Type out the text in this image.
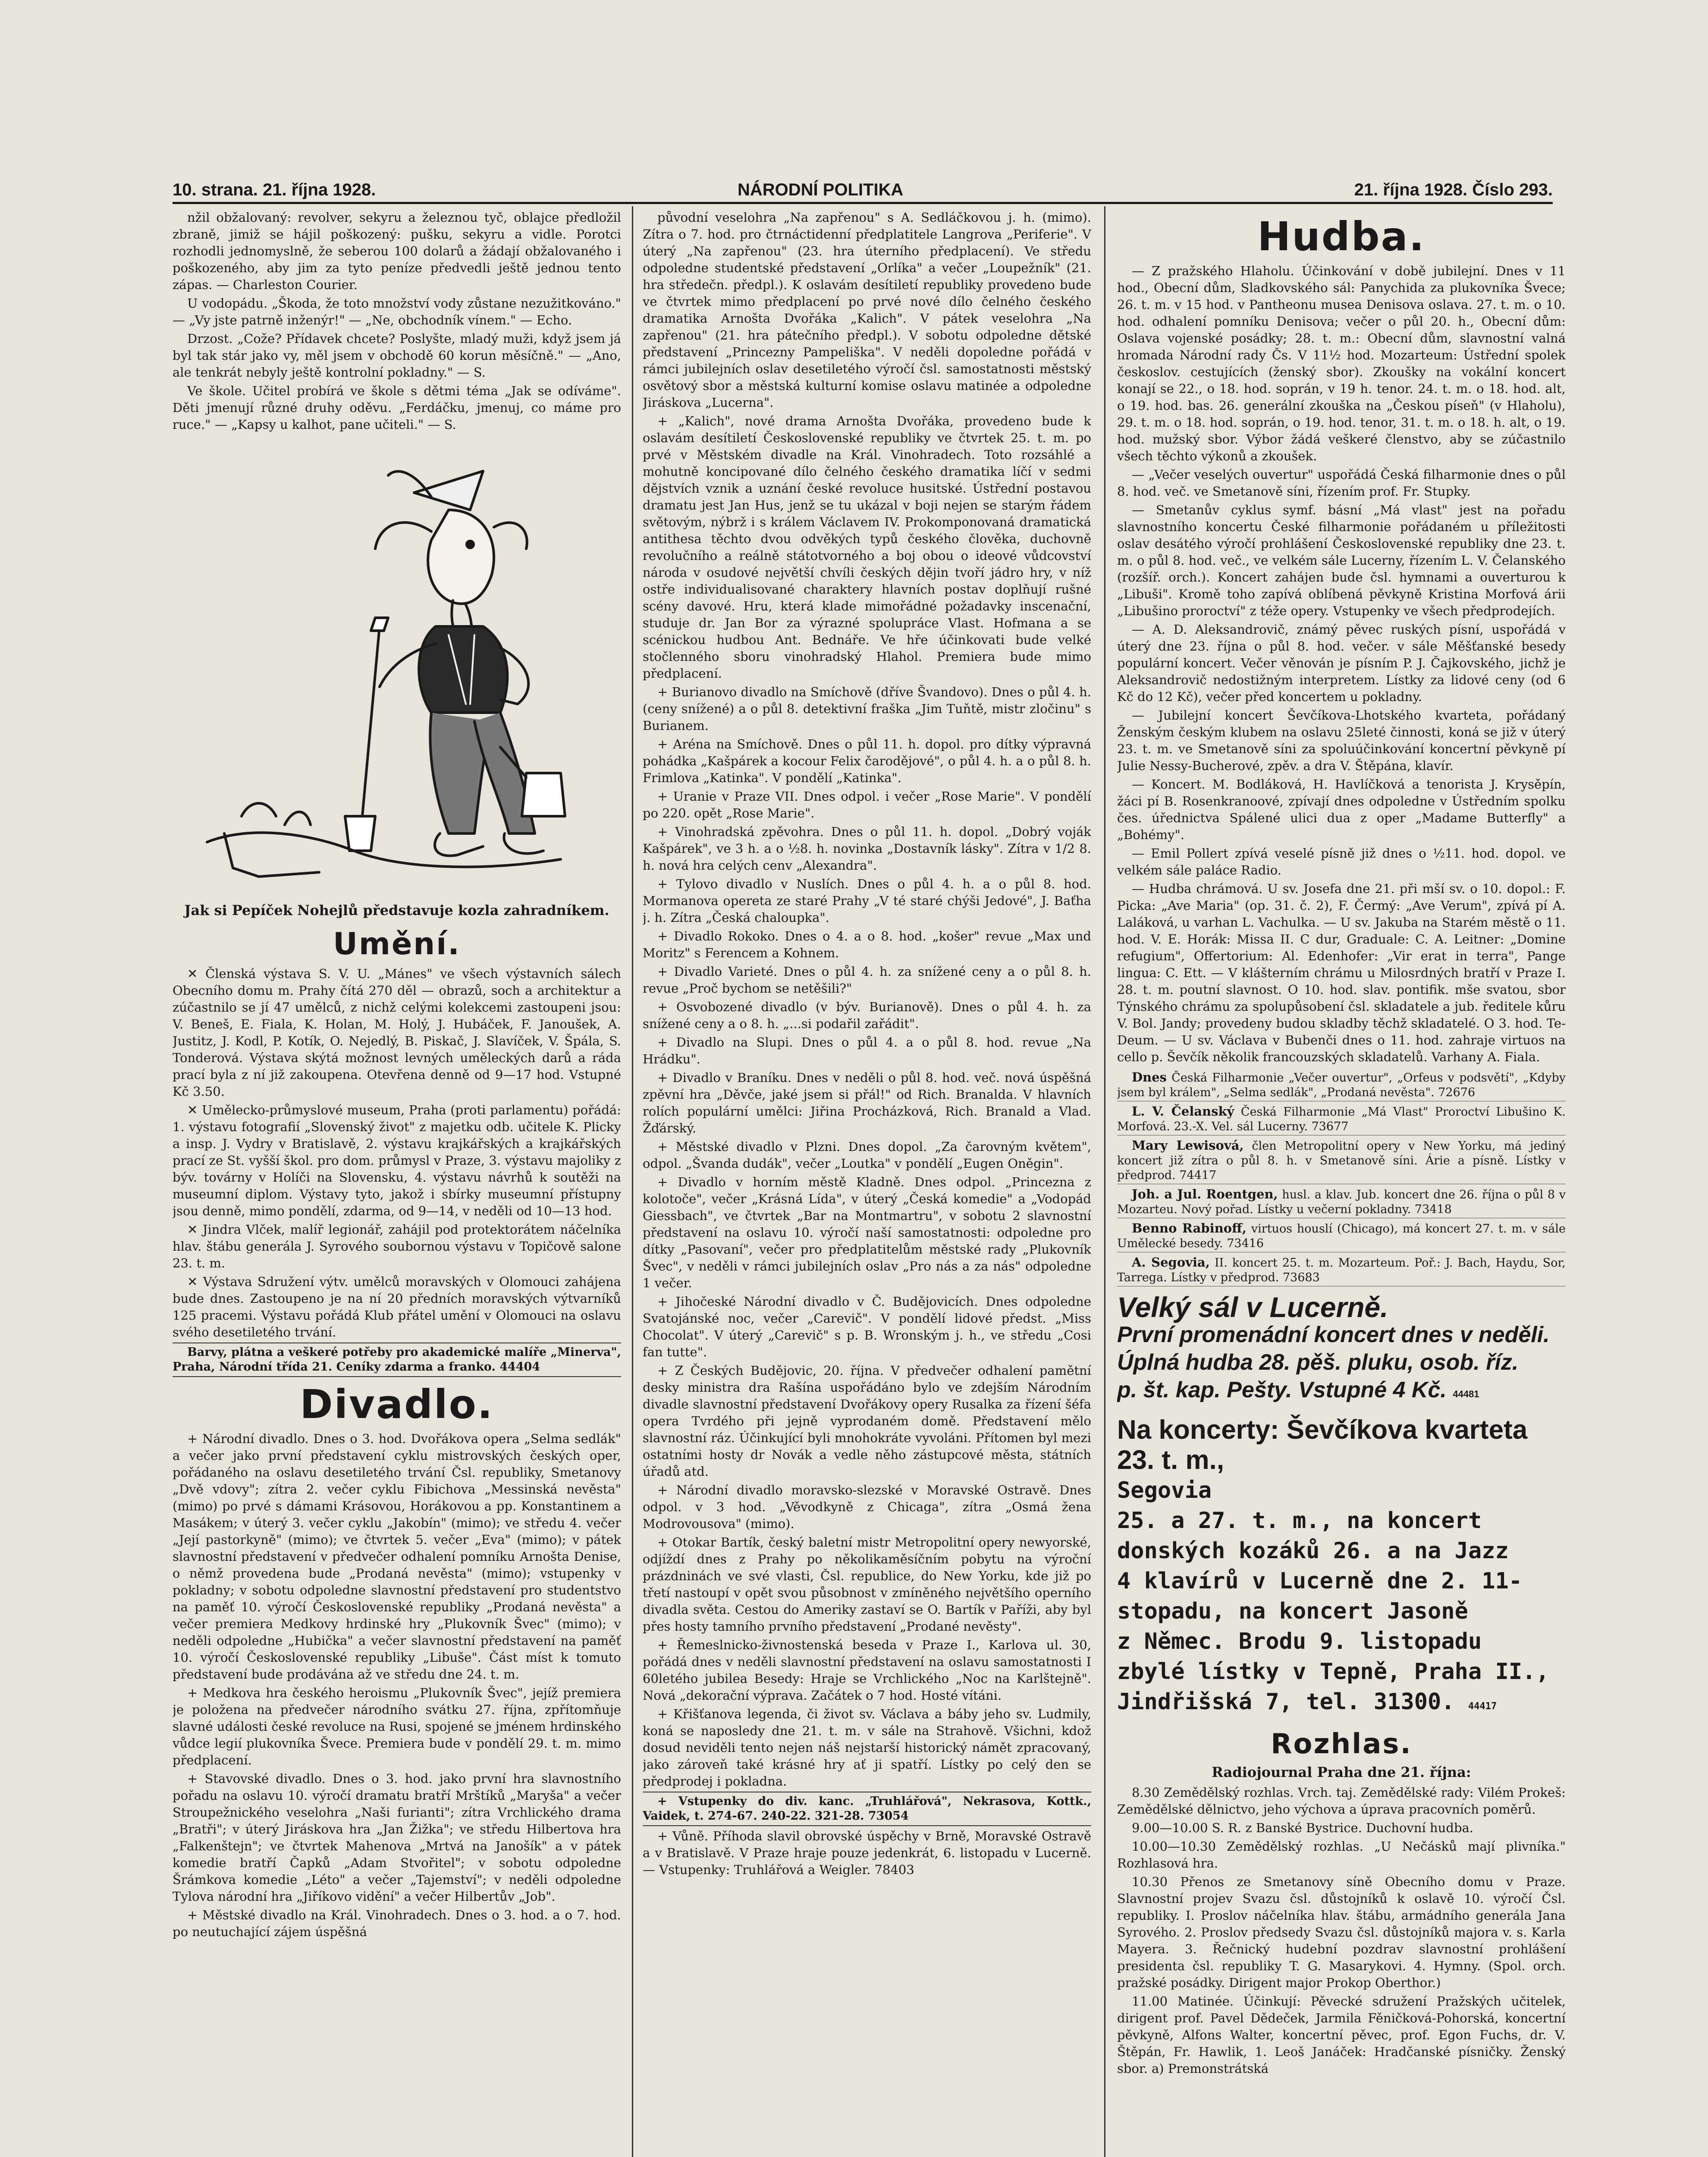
10. strana. 21. října 1928.	NÁRODNÍ POLITIKA	21. října 1928. Číslo 293.

nžil obžalovaný: revolver, sekyru a železnou tyč, oblajce předložil zbraně, jimiž se hájil poškozený: pušku, sekyru a vidle. Porotci rozhodli jednomyslně, že seberou 100 dolarů a žádají obžalovaného i poškozeného, aby jim za tyto peníze předvedli ještě jednou tento zápas. — Charleston Courier.

U vodopádu. „Škoda, že toto množství vody zůstane nezužitkováno." — „Vy jste patrně inženýr!" — „Ne, obchodník vínem." — Echo.

Drzost. „Cože? Přídavek chcete? Poslyšte, mladý muži, když jsem já byl tak stár jako vy, měl jsem v obchodě 60 korun měsíčně." — „Ano, ale tenkrát nebyly ještě kontrolní pokladny." — S.

Ve škole. Učitel probírá ve škole s dětmi téma „Jak se odíváme". Děti jmenují různé druhy oděvu. „Ferdáčku, jmenuj, co máme pro ruce." — „Kapsy u kalhot, pane učiteli." — S.

Jak si Pepíček Nohejlů představuje kozla zahradníkem.
Umění.

✕ Členská výstava S. V. U. „Mánes" ve všech výstavních sálech Obecního domu m. Prahy čítá 270 děl — obrazů, soch a architektur a zúčastnilo se jí 47 umělců, z nichž celými kolekcemi zastoupeni jsou: V. Beneš, E. Fiala, K. Holan, M. Holý, J. Hubáček, F. Janoušek, A. Justitz, J. Kodl, P. Kotík, O. Nejedlý, B. Piskač, J. Slavíček, V. Špála, S. Tonderová. Výstava skýtá možnost levných uměleckých darů a ráda prací byla z ní již zakoupena. Otevřena denně od 9—17 hod. Vstupné Kč 3.50.

✕ Umělecko-průmyslové museum, Praha (proti parlamentu) pořádá: 1. výstavu fotografií „Slovenský život" z majetku odb. učitele K. Plicky a insp. J. Vydry v Bratislavě, 2. výstavu krajkářských a krajkářských prací ze St. vyšší škol. pro dom. průmysl v Praze, 3. výstavu majoliky z býv. továrny v Holíči na Slovensku, 4. výstavu návrhů k soutěži na museumní diplom. Výstavy tyto, jakož i sbírky museumní přístupny jsou denně, mimo pondělí, zdarma, od 9—14, v neděli od 10—13 hod.

✕ Jindra Vlček, malíř legionář, zahájil pod protektorátem náčelníka hlav. štábu generála J. Syrového soubornou výstavu v Topičově salone 23. t. m.

✕ Výstava Sdružení výtv. umělců moravských v Olomouci zahájena bude dnes. Zastoupeno je na ní 20 předních moravských výtvarníků 125 pracemi. Výstavu pořádá Klub přátel umění v Olomouci na oslavu svého desetiletého trvání.

Barvy, plátna a veškeré potřeby pro akademické malíře „Minerva", Praha, Národní třída 21. Ceníky zdarma a franko. 44404

Divadlo.

+ Národní divadlo. Dnes o 3. hod. Dvořákova opera „Selma sedlák" a večer jako první představení cyklu mistrovských českých oper, pořádaného na oslavu desetiletého trvání Čsl. republiky, Smetanovy „Dvě vdovy"; zítra 2. večer cyklu Fibichova „Messinská nevěsta" (mimo) po prvé s dámami Krásovou, Horákovou a pp. Konstantinem a Masákem; v úterý 3. večer cyklu „Jakobín" (mimo); ve středu 4. večer „Její pastorkyně" (mimo); ve čtvrtek 5. večer „Eva" (mimo); v pátek slavnostní představení v předvečer odhalení pomníku Arnošta Denise, o němž provedena bude „Prodaná nevěsta" (mimo); vstupenky v pokladny; v sobotu odpoledne slavnostní představení pro studentstvo na paměť 10. výročí Československé republiky „Prodaná nevěsta" a večer premiera Medkovy hrdinské hry „Plukovník Švec" (mimo); v neděli odpoledne „Hubička" a večer slavnostní představení na paměť 10. výročí Československé republiky „Libuše". Část míst k tomuto představení bude prodávána až ve středu dne 24. t. m.

+ Medkova hra českého heroismu „Plukovník Švec", jejíž premiera je položena na předvečer národního svátku 27. října, zpřítomňuje slavné události české revoluce na Rusi, spojené se jménem hrdinského vůdce legií plukovníka Švece. Premiera bude v pondělí 29. t. m. mimo předplacení.

+ Stavovské divadlo. Dnes o 3. hod. jako první hra slavnostního pořadu na oslavu 10. výročí dramatu bratří Mrštíků „Maryša" a večer Stroupežnického veselohra „Naši furianti"; zítra Vrchlického drama „Bratři"; v úterý Jiráskova hra „Jan Žižka"; ve středu Hilbertova hra „Falkenštejn"; ve čtvrtek Mahenova „Mrtvá na Janošík" a v pátek komedie bratří Čapků „Adam Stvořitel"; v sobotu odpoledne Šrámkova komedie „Léto" a večer „Tajemství"; v neděli odpoledne Tylova národní hra „Jiříkovo vidění" a večer Hilbertův „Job".

+ Městské divadlo na Král. Vinohradech. Dnes o 3. hod. a o 7. hod. po neutuchající zájem úspěšná

původní veselohra „Na zapřenou" s A. Sedláčkovou j. h. (mimo). Zítra o 7. hod. pro čtrnáctidenní předplatitele Langrova „Periferie". V úterý „Na zapřenou" (23. hra úterního předplacení). Ve středu odpoledne studentské představení „Orlíka" a večer „Loupežník" (21. hra středečn. předpl.). K oslavám desítiletí republiky provedeno bude ve čtvrtek mimo předplacení po prvé nové dílo čelného českého dramatika Arnošta Dvořáka „Kalich". V pátek veselohra „Na zapřenou" (21. hra pátečního předpl.). V sobotu odpoledne dětské představení „Princezny Pampeliška". V neděli dopoledne pořádá v rámci jubilejních oslav desetiletého výročí čsl. samostatnosti městský osvětový sbor a městská kulturní komise oslavu matinée a odpoledne Jiráskova „Lucerna".

+ „Kalich", nové drama Arnošta Dvořáka, provedeno bude k oslavám desítiletí Československé republiky ve čtvrtek 25. t. m. po prvé v Městském divadle na Král. Vinohradech. Toto rozsáhlé a mohutně koncipované dílo čelného českého dramatika líčí v sedmi dějstvích vznik a uznání české revoluce husitské. Ústřední postavou dramatu jest Jan Hus, jenž se tu ukázal v boji nejen se starým řádem světovým, nýbrž i s králem Václavem IV. Prokomponovaná dramatická antithesa těchto dvou odvěkých typů českého člověka, duchovně revolučního a reálně státotvorného a boj obou o ideové vůdcovství národa v osudové největší chvíli českých dějin tvoří jádro hry, v níž ostře individualisované charaktery hlavních postav doplňují rušné scény davové. Hru, která klade mimořádné požadavky inscenační, studuje dr. Jan Bor za výrazné spolupráce Vlast. Hofmana a se scénickou hudbou Ant. Bednáře. Ve hře účinkovati bude velké stočlenného sboru vinohradský Hlahol. Premiera bude mimo předplacení.

+ Burianovo divadlo na Smíchově (dříve Švandovo). Dnes o půl 4. h. (ceny snížené) a o půl 8. detektivní fraška „Jim Tuňtě, mistr zločinu" s Burianem.

+ Aréna na Smíchově. Dnes o půl 11. h. dopol. pro dítky výpravná pohádka „Kašpárek a kocour Felix čarodějové", o půl 4. h. a o půl 8. h. Frimlova „Katinka". V pondělí „Katinka".

+ Uranie v Praze VII. Dnes odpol. i večer „Rose Marie". V pondělí po 220. opět „Rose Marie".

+ Vinohradská zpěvohra. Dnes o půl 11. h. dopol. „Dobrý voják Kašpárek", ve 3 h. a o ½8. h. novinka „Dostavník lásky". Zítra v 1/2 8. h. nová hra celých cenv „Alexandra".

+ Tylovo divadlo v Nuslích. Dnes o půl 4. h. a o půl 8. hod. Mormanova opereta ze staré Prahy „V té staré chýši Jedové", J. Baťha j. h. Zítra „Česká chaloupka".

+ Divadlo Rokoko. Dnes o 4. a o 8. hod. „košer" revue „Max und Moritz" s Ferencem a Kohnem.

+ Divadlo Varieté. Dnes o půl 4. h. za snížené ceny a o půl 8. h. revue „Proč bychom se netěšili?"

+ Osvobozené divadlo (v býv. Burianově). Dnes o půl 4. h. za snížené ceny a o 8. h. „...si podařil zařádit".

+ Divadlo na Slupi. Dnes o půl 4. a o půl 8. hod. revue „Na Hrádku".

+ Divadlo v Braníku. Dnes v neděli o půl 8. hod. več. nová úspěšná zpěvní hra „Děvče, jaké jsem si přál!" od Rich. Branalda. V hlavních rolích populární umělci: Jiřina Procházková, Rich. Branald a Vlad. Žďárský.

+ Městské divadlo v Plzni. Dnes dopol. „Za čarovným květem", odpol. „Švanda dudák", večer „Loutka" v pondělí „Eugen Oněgin".

+ Divadlo v horním městě Kladně. Dnes odpol. „Princezna z kolotoče", večer „Krásná Lída", v úterý „Česká komedie" a „Vodopád Giessbach", ve čtvrtek „Bar na Montmartru", v sobotu 2 slavnostní představení na oslavu 10. výročí naší samostatnosti: odpoledne pro dítky „Pasovaní", večer pro předplatitelům městské rady „Plukovník Švec", v neděli v rámci jubilejních oslav „Pro nás a za nás" odpoledne 1 večer.

+ Jihočeské Národní divadlo v Č. Budějovicích. Dnes odpoledne Svatojánské noc, večer „Carevič". V pondělí lidové předst. „Miss Chocolat". V úterý „Carevič" s p. B. Wronským j. h., ve středu „Cosi fan tutte".

+ Z Českých Budějovic, 20. října. V předvečer odhalení pamětní desky ministra dra Rašína uspořádáno bylo ve zdejším Národním divadle slavnostní představení Dvořákovy opery Rusalka za řízení šéfa opera Tvrdého při jejně vyprodaném domě. Představení mělo slavnostní ráz. Účinkující byli mnohokráte vyvoláni. Přítomen byl mezi ostatními hosty dr Novák a vedle něho zástupcové města, státních úřadů atd.

+ Národní divadlo moravsko-slezské v Moravské Ostravě. Dnes odpol. v 3 hod. „Věvodkyně z Chicaga", zítra „Osmá žena Modrovousova" (mimo).

+ Otokar Bartík, český baletní mistr Metropolitní opery newyorské, odjíždí dnes z Prahy po několikaměsíčním pobytu na výroční prázdninách ve své vlasti, Čsl. republice, do New Yorku, kde již po třetí nastoupí v opět svou působnost v zmíněného největšího operního divadla světa. Cestou do Ameriky zastaví se O. Bartík v Paříži, aby byl přes hosty tamního prvního představení „Prodané nevěsty".

+ Řemeslnicko-živnostenská beseda v Praze I., Karlova ul. 30, pořádá dnes v neděli slavnostní představení na oslavu samostatnosti I 60letého jubilea Besedy: Hraje se Vrchlického „Noc na Karlštejně". Nová „dekorační výprava. Začátek o 7 hod. Hosté vítáni.

+ Křišťanova legenda, či život sv. Václava a báby jeho sv. Ludmily, koná se naposledy dne 21. t. m. v sále na Strahově. Všichni, kdož dosud neviděli tento nejen náš nejstarší historický námět zpracovaný, jako zároveň také krásné hry ať ji spatří. Lístky po celý den se předprodej i pokladna.

+ Vstupenky do div. kanc. „Truhlářová", Nekrasova, Kottk., Vaidek, t. 274-67. 240-22. 321-28. 73054

+ Vůně. Příhoda slavil obrovské úspěchy v Brně, Moravské Ostravě a v Bratislavě. V Praze hraje pouze jedenkrát, 6. listopadu v Lucerně. — Vstupenky: Truhlářová a Weigler. 78403

Hudba.

— Z pražského Hlaholu. Účinkování v době jubilejní. Dnes v 11 hod., Obecní dům, Sladkovského sál: Panychida za plukovníka Švece; 26. t. m. v 15 hod. v Pantheonu musea Denisova oslava. 27. t. m. o 10. hod. odhalení pomníku Denisova; večer o půl 20. h., Obecní dům: Oslava vojenské posádky; 28. t. m.: Obecní dům, slavnostní valná hromada Národní rady Čs. V 11½ hod. Mozarteum: Ústřední spolek českoslov. cestujících (ženský sbor). Zkoušky na vokální koncert konají se 22., o 18. hod. soprán, v 19 h. tenor. 24. t. m. o 18. hod. alt, o 19. hod. bas. 26. generální zkouška na „Českou píseň" (v Hlaholu), 29. t. m. o 18. hod. soprán, o 19. hod. tenor, 31. t. m. o 18. h. alt, o 19. hod. mužský sbor. Výbor žádá veškeré členstvo, aby se zúčastnilo všech těchto výkonů a zkoušek.

— „Večer veselých ouvertur" uspořádá Česká filharmonie dnes o půl 8. hod. več. ve Smetanově síni, řízením prof. Fr. Stupky.

— Smetanův cyklus symf. básní „Má vlast" jest na pořadu slavnostního koncertu České filharmonie pořádaném u příležitosti oslav desátého výročí prohlášení Československé republiky dne 23. t. m. o půl 8. hod. več., ve velkém sále Lucerny, řízením L. V. Čelanského (rozšíř. orch.). Koncert zahájen bude čsl. hymnami a ouverturou k „Libuši". Kromě toho zapívá oblíbená pěvkyně Kristina Morfová árii „Libušino proroctví" z téže opery. Vstupenky ve všech předprodejích.

— A. D. Aleksandrovič, známý pěvec ruských písní, uspořádá v úterý dne 23. října o půl 8. hod. večer. v sále Měšťanské besedy populární koncert. Večer věnován je písním P. J. Čajkovského, jichž je Aleksandrovič nedostižným interpretem. Lístky za lidové ceny (od 6 Kč do 12 Kč), večer před koncertem u pokladny.

— Jubilejní koncert Ševčíkova-Lhotského kvarteta, pořádaný Ženským českým klubem na oslavu 25leté činnosti, koná se již v úterý 23. t. m. ve Smetanově síni za spoluúčinkování koncertní pěvkyně pí Julie Nessy-Bucherové, zpěv. a dra V. Štěpána, klavír.

— Koncert. M. Bodláková, H. Havlíčková a tenorista J. Krysěpín, žáci pí B. Rosenkranoové, zpívají dnes odpoledne v Ústředním spolku čes. úřednictva Spálené ulici dua z oper „Madame Butterfly" a „Bohémy".

— Emil Pollert zpívá veselé písně již dnes o ½11. hod. dopol. ve velkém sále paláce Radio.

— Hudba chrámová. U sv. Josefa dne 21. při mší sv. o 10. dopol.: F. Picka: „Ave Maria" (op. 31. č. 2), F. Čermý: „Ave Verum", zpívá pí A. Laláková, u varhan L. Vachulka. — U sv. Jakuba na Starém městě o 11. hod. V. E. Horák: Missa II. C dur, Graduale: C. A. Leitner: „Domine refugium", Offertorium: Al. Edenhofer: „Vir erat in terra", Pange lingua: C. Ett. — V klášterním chrámu u Milosrdných bratří v Praze I. 28. t. m. poutní slavnost. O 10. hod. slav. pontifik. mše svatou, sbor Týnského chrámu za spolupůsobení čsl. skladatele a jub. ředitele kůru V. Bol. Jandy; provedeny budou skladby těchž skladatelé. O 3. hod. Te-Deum. — U sv. Václava v Bubenči dnes o 11. hod. zahraje virtuos na cello p. Ševčík několik francouzských skladatelů. Varhany A. Fiala.

Dnes Česká Filharmonie „Večer ouvertur", „Orfeus v podsvětí", „Kdyby jsem byl králem", „Selma sedlák", „Prodaná nevěsta". 72676

L. V. Čelanský Česká Filharmonie „Má Vlast" Proroctví Libušino K. Morfová. 23.-X. Vel. sál Lucerny. 73677

Mary Lewisová, člen Metropolitní opery v New Yorku, má jediný koncert již zítra o půl 8. h. v Smetanově síni. Árie a písně. Lístky v předprod. 74417

Joh. a Jul. Roentgen, husl. a klav. Jub. koncert dne 26. října o půl 8 v Mozarteu. Nový pořad. Lístky u večerní pokladny. 73418

Benno Rabinoff, virtuos houslí (Chicago), má koncert 27. t. m. v sále Umělecké besedy. 73416

A. Segovia, II. koncert 25. t. m. Mozarteum. Poř.: J. Bach, Haydu, Sor, Tarrega. Lístky v předprod. 73683

Velký sál v Lucerně.
První promenádní koncert dnes v neděli.
Úplná hudba 28. pěš. pluku, osob. říz.
p. št. kap. Pešty. Vstupné 4 Kč. 44481
Na koncerty: Ševčíkova kvarteta 23. t. m.,
Segovia
25. a 27. t. m., na koncert
donských kozáků 26. a na Jazz
4 klavírů v Lucerně dne 2. 11-
stopadu, na koncert Jasoně
z Němec. Brodu 9. listopadu
zbylé lístky v Tepně, Praha II.,
Jindřišská 7, tel. 31300. 44417
Rozhlas.
Radiojournal Praha dne 21. října:

8.30 Zemědělský rozhlas. Vrch. taj. Zemědělské rady: Vilém Prokeš: Zemědělské dělnictvo, jeho výchova a úprava pracovních poměrů.

9.00—10.00 S. R. z Banské Bystrice. Duchovní hudba.

10.00—10.30 Zemědělský rozhlas. „U Nečásků mají plivníka." Rozhlasová hra.

10.30 Přenos ze Smetanovy síně Obecního domu v Praze. Slavnostní projev Svazu čsl. důstojníků k oslavě 10. výročí Čsl. republiky. I. Proslov náčelníka hlav. štábu, armádního generála Jana Syrového. 2. Proslov předsedy Svazu čsl. důstojníků majora v. s. Karla Mayera. 3. Řečnický hudební pozdrav slavnostní prohlášení presidenta čsl. republiky T. G. Masarykovi. 4. Hymny. (Spol. orch. pražské posádky. Dirigent major Prokop Oberthor.)

11.00 Matinée. Účinkují: Pěvecké sdružení Pražských učitelek, dirigent prof. Pavel Dědeček, Jarmila Fěničková-Pohorská, koncertní pěvkyně, Alfons Walter, koncertní pěvec, prof. Egon Fuchs, dr. V. Štěpán, Fr. Hawlik, 1. Leoš Janáček: Hradčanské písničky. Ženský sbor. a) Premonstrátská
